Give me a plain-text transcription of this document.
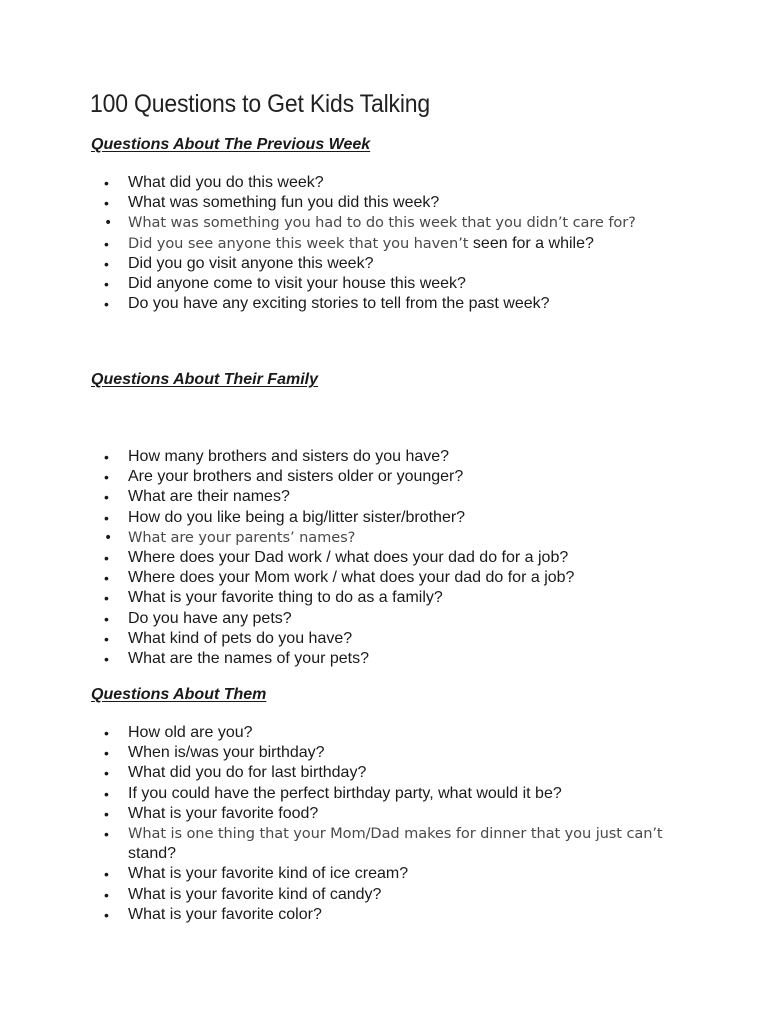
100 Questions to Get Kids Talking
Questions About The Previous Week
• What did you do this week?
• What was something fun you did this week?
• What was something you had to do this week that you didn’t care for?
• Did you see anyone this week that you haven’t seen for a while?
• Did you go visit anyone this week?
• Did anyone come to visit your house this week?
• Do you have any exciting stories to tell from the past week?
Questions About Their Family
• How many brothers and sisters do you have?
• Are your brothers and sisters older or younger?
• What are their names?
• How do you like being a big/litter sister/brother?
• What are your parents’ names?
• Where does your Dad work / what does your dad do for a job?
• Where does your Mom work / what does your dad do for a job?
• What is your favorite thing to do as a family?
• Do you have any pets?
• What kind of pets do you have?
• What are the names of your pets?
Questions About Them
• How old are you?
• When is/was your birthday?
• What did you do for last birthday?
• If you could have the perfect birthday party, what would it be?
• What is your favorite food?
• What is one thing that your Mom/Dad makes for dinner that you just can’t stand?
• What is your favorite kind of ice cream?
• What is your favorite kind of candy?
• What is your favorite color?
